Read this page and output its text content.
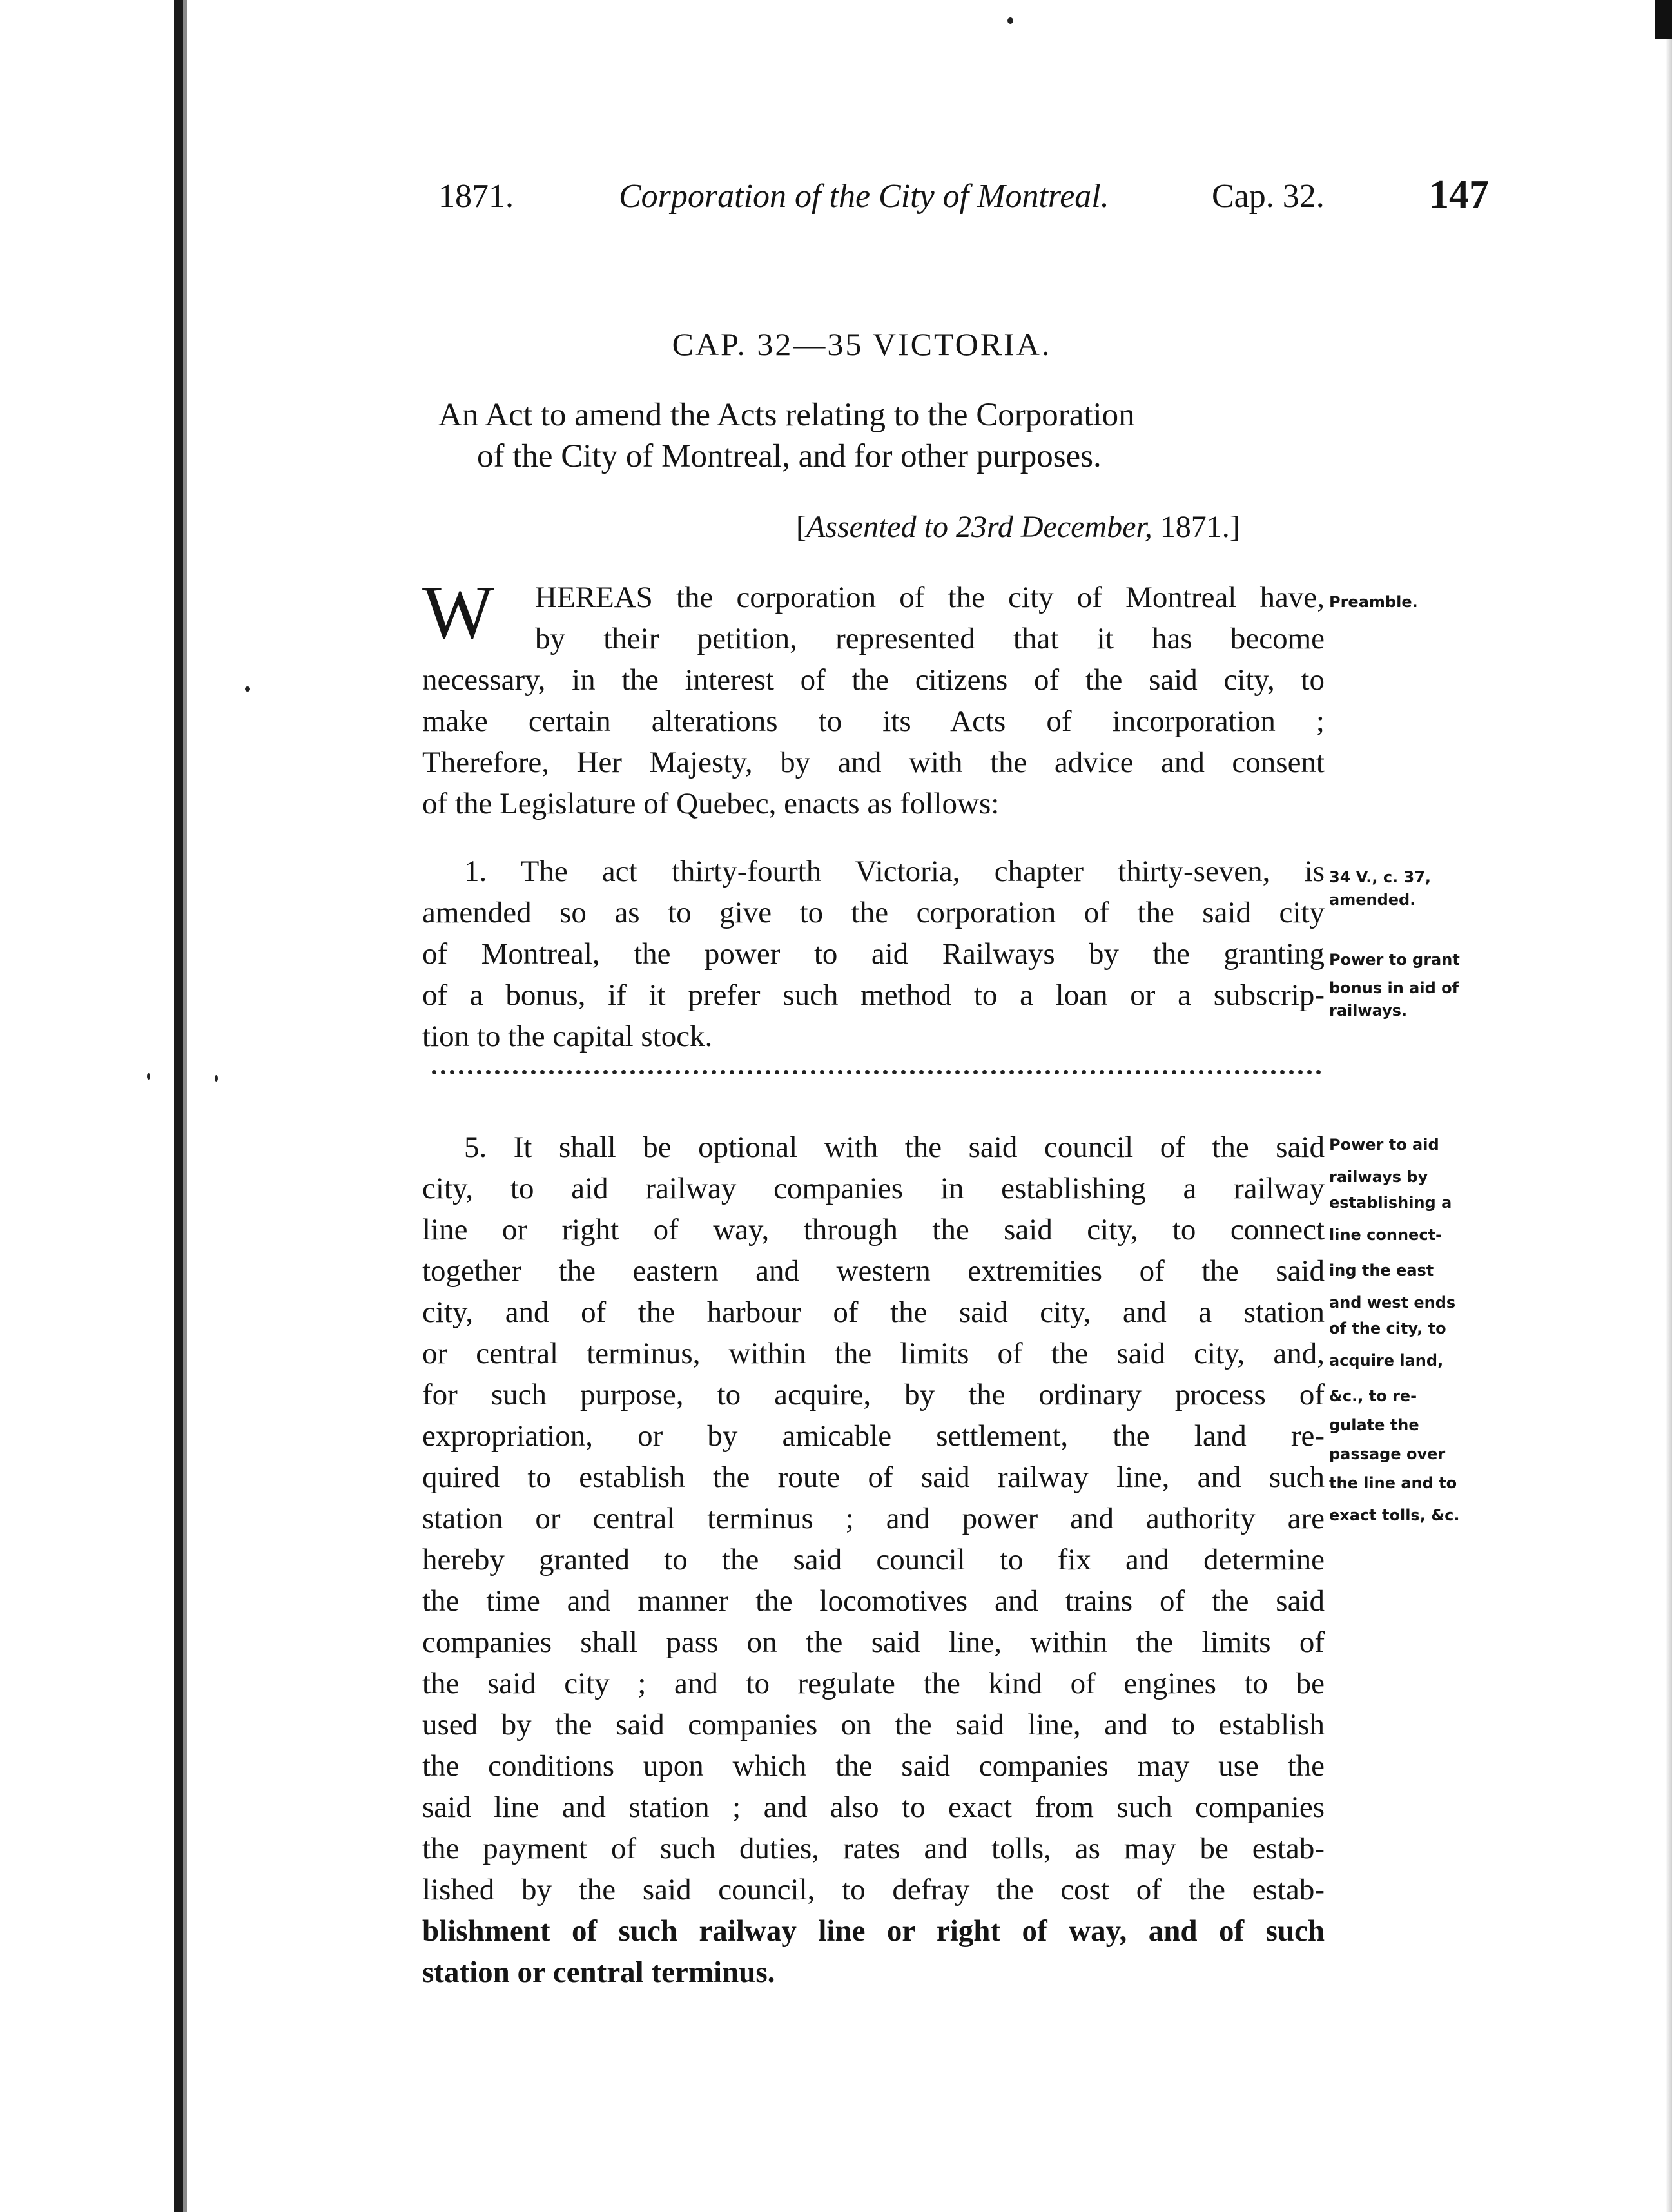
1871.	Corporation of the City of Montreal.	Cap. 32.	147
CAP. 32—35 VICTORIA.
An Act to amend the Acts relating to the Corporation
of the City of Montreal, and for other purposes.
[Assented to 23rd December, 1871.]
W HEREAS the corporation of the city of Montreal have,
by their petition, represented that it has become
necessary, in the interest of the citizens of the said city, to
make certain alterations to its Acts of incorporation ;
Therefore, Her Majesty, by and with the advice and consent
of the Legislature of Quebec, enacts as follows:
Preamble.
1. The act thirty-fourth Victoria, chapter thirty-seven, is
amended so as to give to the corporation of the said city
of Montreal, the power to aid Railways by the granting
of a bonus, if it prefer such method to a loan or a subscrip-
tion to the capital stock.
34 V., c. 37,
amended.
Power to grant
bonus in aid of
railways.
5. It shall be optional with the said council of the said
city, to aid railway companies in establishing a railway
line or right of way, through the said city, to connect
together the eastern and western extremities of the said
city, and of the harbour of the said city, and a station
or central terminus, within the limits of the said city, and,
for such purpose, to acquire, by the ordinary process of
expropriation, or by amicable settlement, the land re-
quired to establish the route of said railway line, and such
station or central terminus ; and power and authority are
hereby granted to the said council to fix and determine
the time and manner the locomotives and trains of the said
companies shall pass on the said line, within the limits of
the said city ; and to regulate the kind of engines to be
used by the said companies on the said line, and to establish
the conditions upon which the said companies may use the
said line and station ; and also to exact from such companies
the payment of such duties, rates and tolls, as may be estab-
lished by the said council, to defray the cost of the estab-
blishment of such railway line or right of way, and of such
station or central terminus.
Power to aid
railways by
establishing a
line connect-
ing the east
and west ends
of the city, to
acquire land,
&c., to re-
gulate the
passage over
the line and to
exact tolls, &c.
